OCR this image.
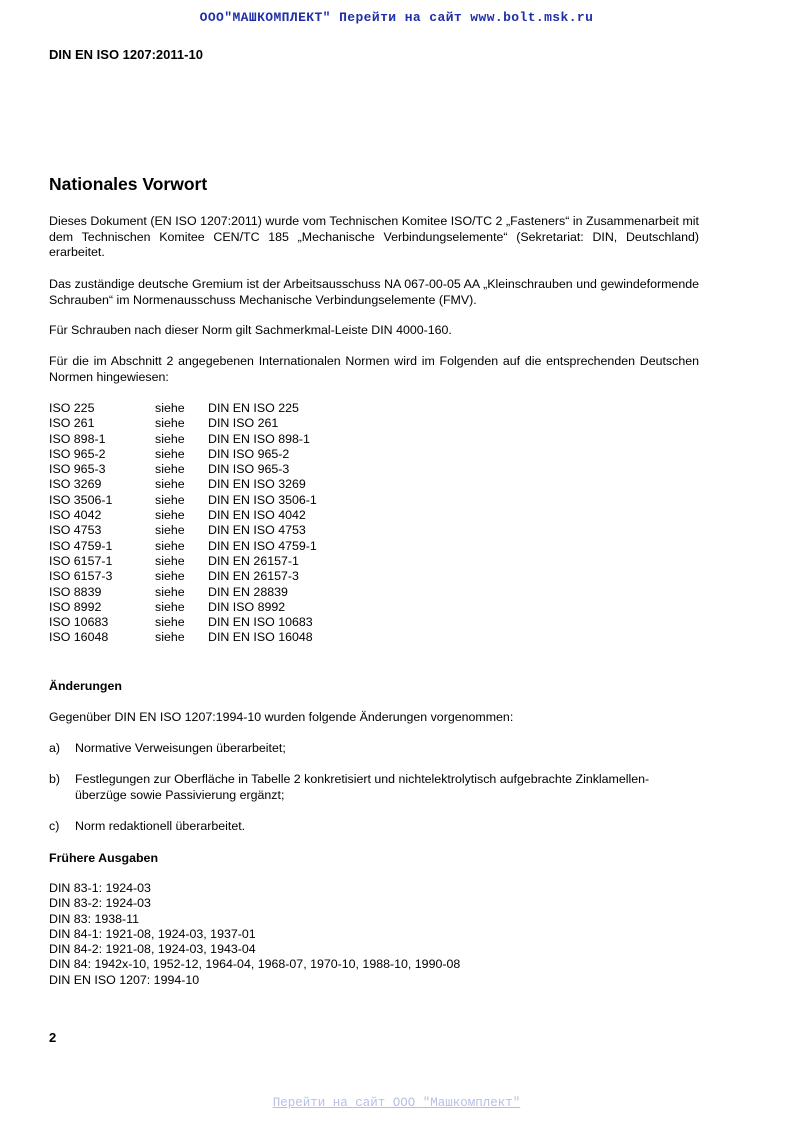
ООО"МАШКОМПЛЕКТ" Перейти на сайт www.bolt.msk.ru
DIN EN ISO 1207:2011-10
Nationales Vorwort
Dieses Dokument (EN ISO 1207:2011) wurde vom Technischen Komitee ISO/TC 2 „Fasteners“ in Zusammenarbeit mit dem Technischen Komitee CEN/TC 185 „Mechanische Verbindungselemente“ (Sekretariat: DIN, Deutschland) erarbeitet.
Das zuständige deutsche Gremium ist der Arbeitsausschuss NA 067-00-05 AA „Kleinschrauben und gewindeformende Schrauben“ im Normenausschuss Mechanische Verbindungselemente (FMV).
Für Schrauben nach dieser Norm gilt Sachmerkmal-Leiste DIN 4000-160.
Für die im Abschnitt 2 angegebenen Internationalen Normen wird im Folgenden auf die entsprechenden Deutschen Normen hingewiesen:
ISO 225	siehe DIN EN ISO 225
ISO 261	siehe DIN ISO 261
ISO 898-1	siehe DIN EN ISO 898-1
ISO 965-2	siehe DIN ISO 965-2
ISO 965-3	siehe DIN ISO 965-3
ISO 3269	siehe DIN EN ISO 3269
ISO 3506-1	siehe DIN EN ISO 3506-1
ISO 4042	siehe DIN EN ISO 4042
ISO 4753	siehe DIN EN ISO 4753
ISO 4759-1	siehe DIN EN ISO 4759-1
ISO 6157-1	siehe DIN EN 26157-1
ISO 6157-3	siehe DIN EN 26157-3
ISO 8839	siehe DIN EN 28839
ISO 8992	siehe DIN ISO 8992
ISO 10683	siehe DIN EN ISO 10683
ISO 16048	siehe DIN EN ISO 16048
Änderungen
Gegenüber DIN EN ISO 1207:1994-10 wurden folgende Änderungen vorgenommen:
a) Normative Verweisungen überarbeitet;
b) Festlegungen zur Oberfläche in Tabelle 2 konkretisiert und nichtelektrolytisch aufgebrachte Zinklamellen-überzüge sowie Passivierung ergänzt;
c) Norm redaktionell überarbeitet.
Frühere Ausgaben
DIN 83-1: 1924-03
DIN 83-2: 1924-03
DIN 83: 1938-11
DIN 84-1: 1921-08, 1924-03, 1937-01
DIN 84-2: 1921-08, 1924-03, 1943-04
DIN 84: 1942x-10, 1952-12, 1964-04, 1968-07, 1970-10, 1988-10, 1990-08
DIN EN ISO 1207: 1994-10
2
Перейти на сайт ООО "Машкомплект"
